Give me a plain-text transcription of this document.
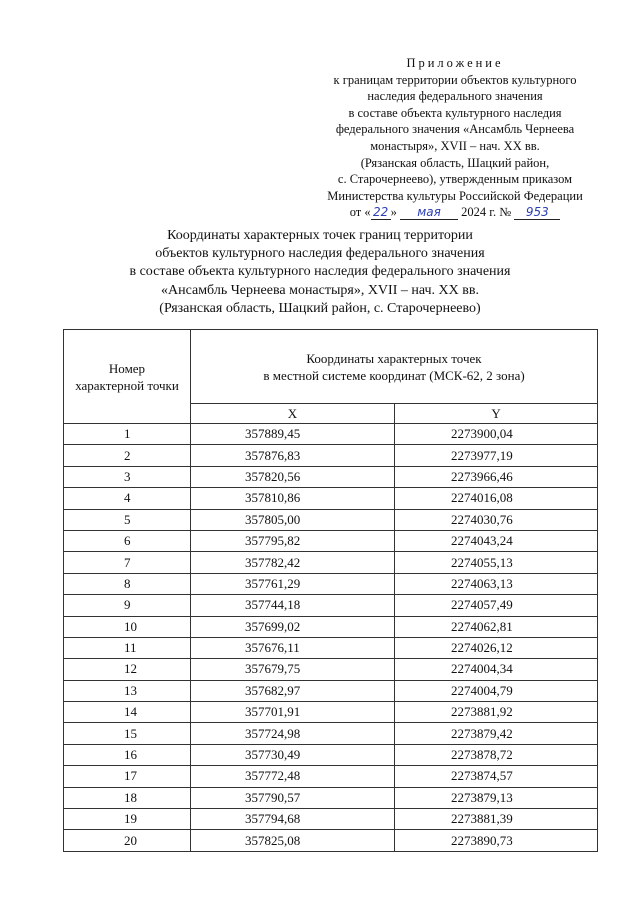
Приложение
к границам территории объектов культурного
наследия федерального значения
в составе объекта культурного наследия
федерального значения «Ансамбль Чернеева
монастыря», XVII – нач. XX вв.
(Рязанская область, Шацкий район,
с. Старочернеево), утвержденным приказом
Министерства культуры Российской Федерации
от « 22 » мая 2024 г. № 953
Координаты характерных точек границ территории
объектов культурного наследия федерального значения
в составе объекта культурного наследия федерального значения
«Ансамбль Чернеева монастыря», XVII – нач. XX вв.
(Рязанская область, Шацкий район, с. Старочернеево)
Номер
характерной точки	Координаты характерных точек
в местной системе координат (МСК-62, 2 зона)	
	X	Y
1	357889,45	2273900,04
2	357876,83	2273977,19
3	357820,56	2273966,46
4	357810,86	2274016,08
5	357805,00	2274030,76
6	357795,82	2274043,24
7	357782,42	2274055,13
8	357761,29	2274063,13
9	357744,18	2274057,49
10	357699,02	2274062,81
11	357676,11	2274026,12
12	357679,75	2274004,34
13	357682,97	2274004,79
14	357701,91	2273881,92
15	357724,98	2273879,42
16	357730,49	2273878,72
17	357772,48	2273874,57
18	357790,57	2273879,13
19	357794,68	2273881,39
20	357825,08	2273890,73
